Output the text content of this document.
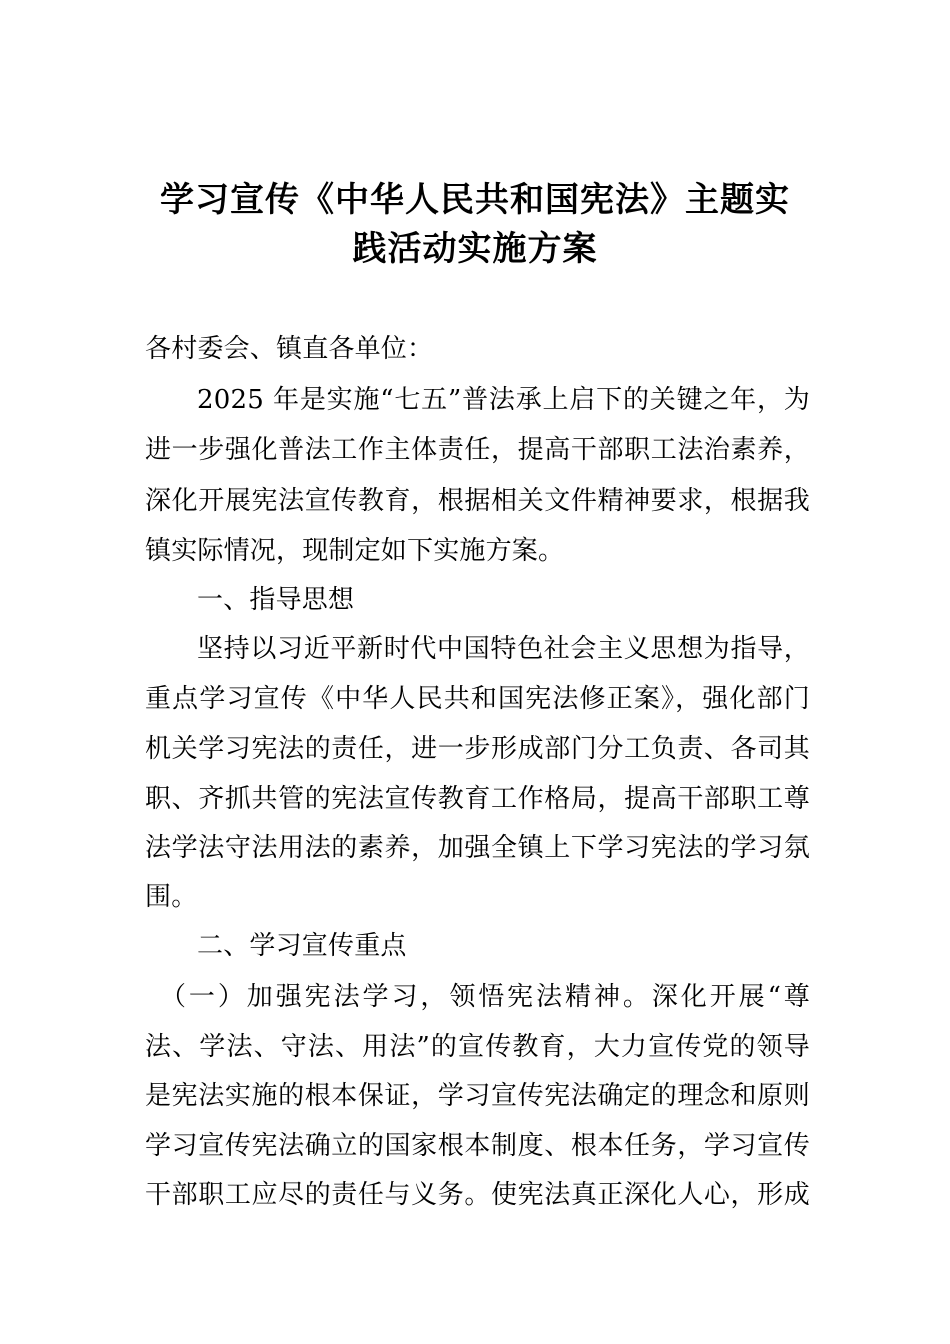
学习宣传《中华人民共和国宪法》主题实
践活动实施方案
各村委会、镇直各单位：
2025 年是实施“七五”普法承上启下的关键之年，为
进一步强化普法工作主体责任，提高干部职工法治素养，
深化开展宪法宣传教育，根据相关文件精神要求，根据我
镇实际情况，现制定如下实施方案。
一、指导思想
坚持以习近平新时代中国特色社会主义思想为指导，
重点学习宣传《中华人民共和国宪法修正案》，强化部门
机关学习宪法的责任，进一步形成部门分工负责、各司其
职、齐抓共管的宪法宣传教育工作格局，提高干部职工尊
法学法守法用法的素养，加强全镇上下学习宪法的学习氛
围。
二、学习宣传重点
（一）加强宪法学习，领悟宪法精神。深化开展“尊
法、学法、守法、用法”的宣传教育，大力宣传党的领导
是宪法实施的根本保证，学习宣传宪法确定的理念和原则
学习宣传宪法确立的国家根本制度、根本任务，学习宣传
干部职工应尽的责任与义务。使宪法真正深化人心，形成
